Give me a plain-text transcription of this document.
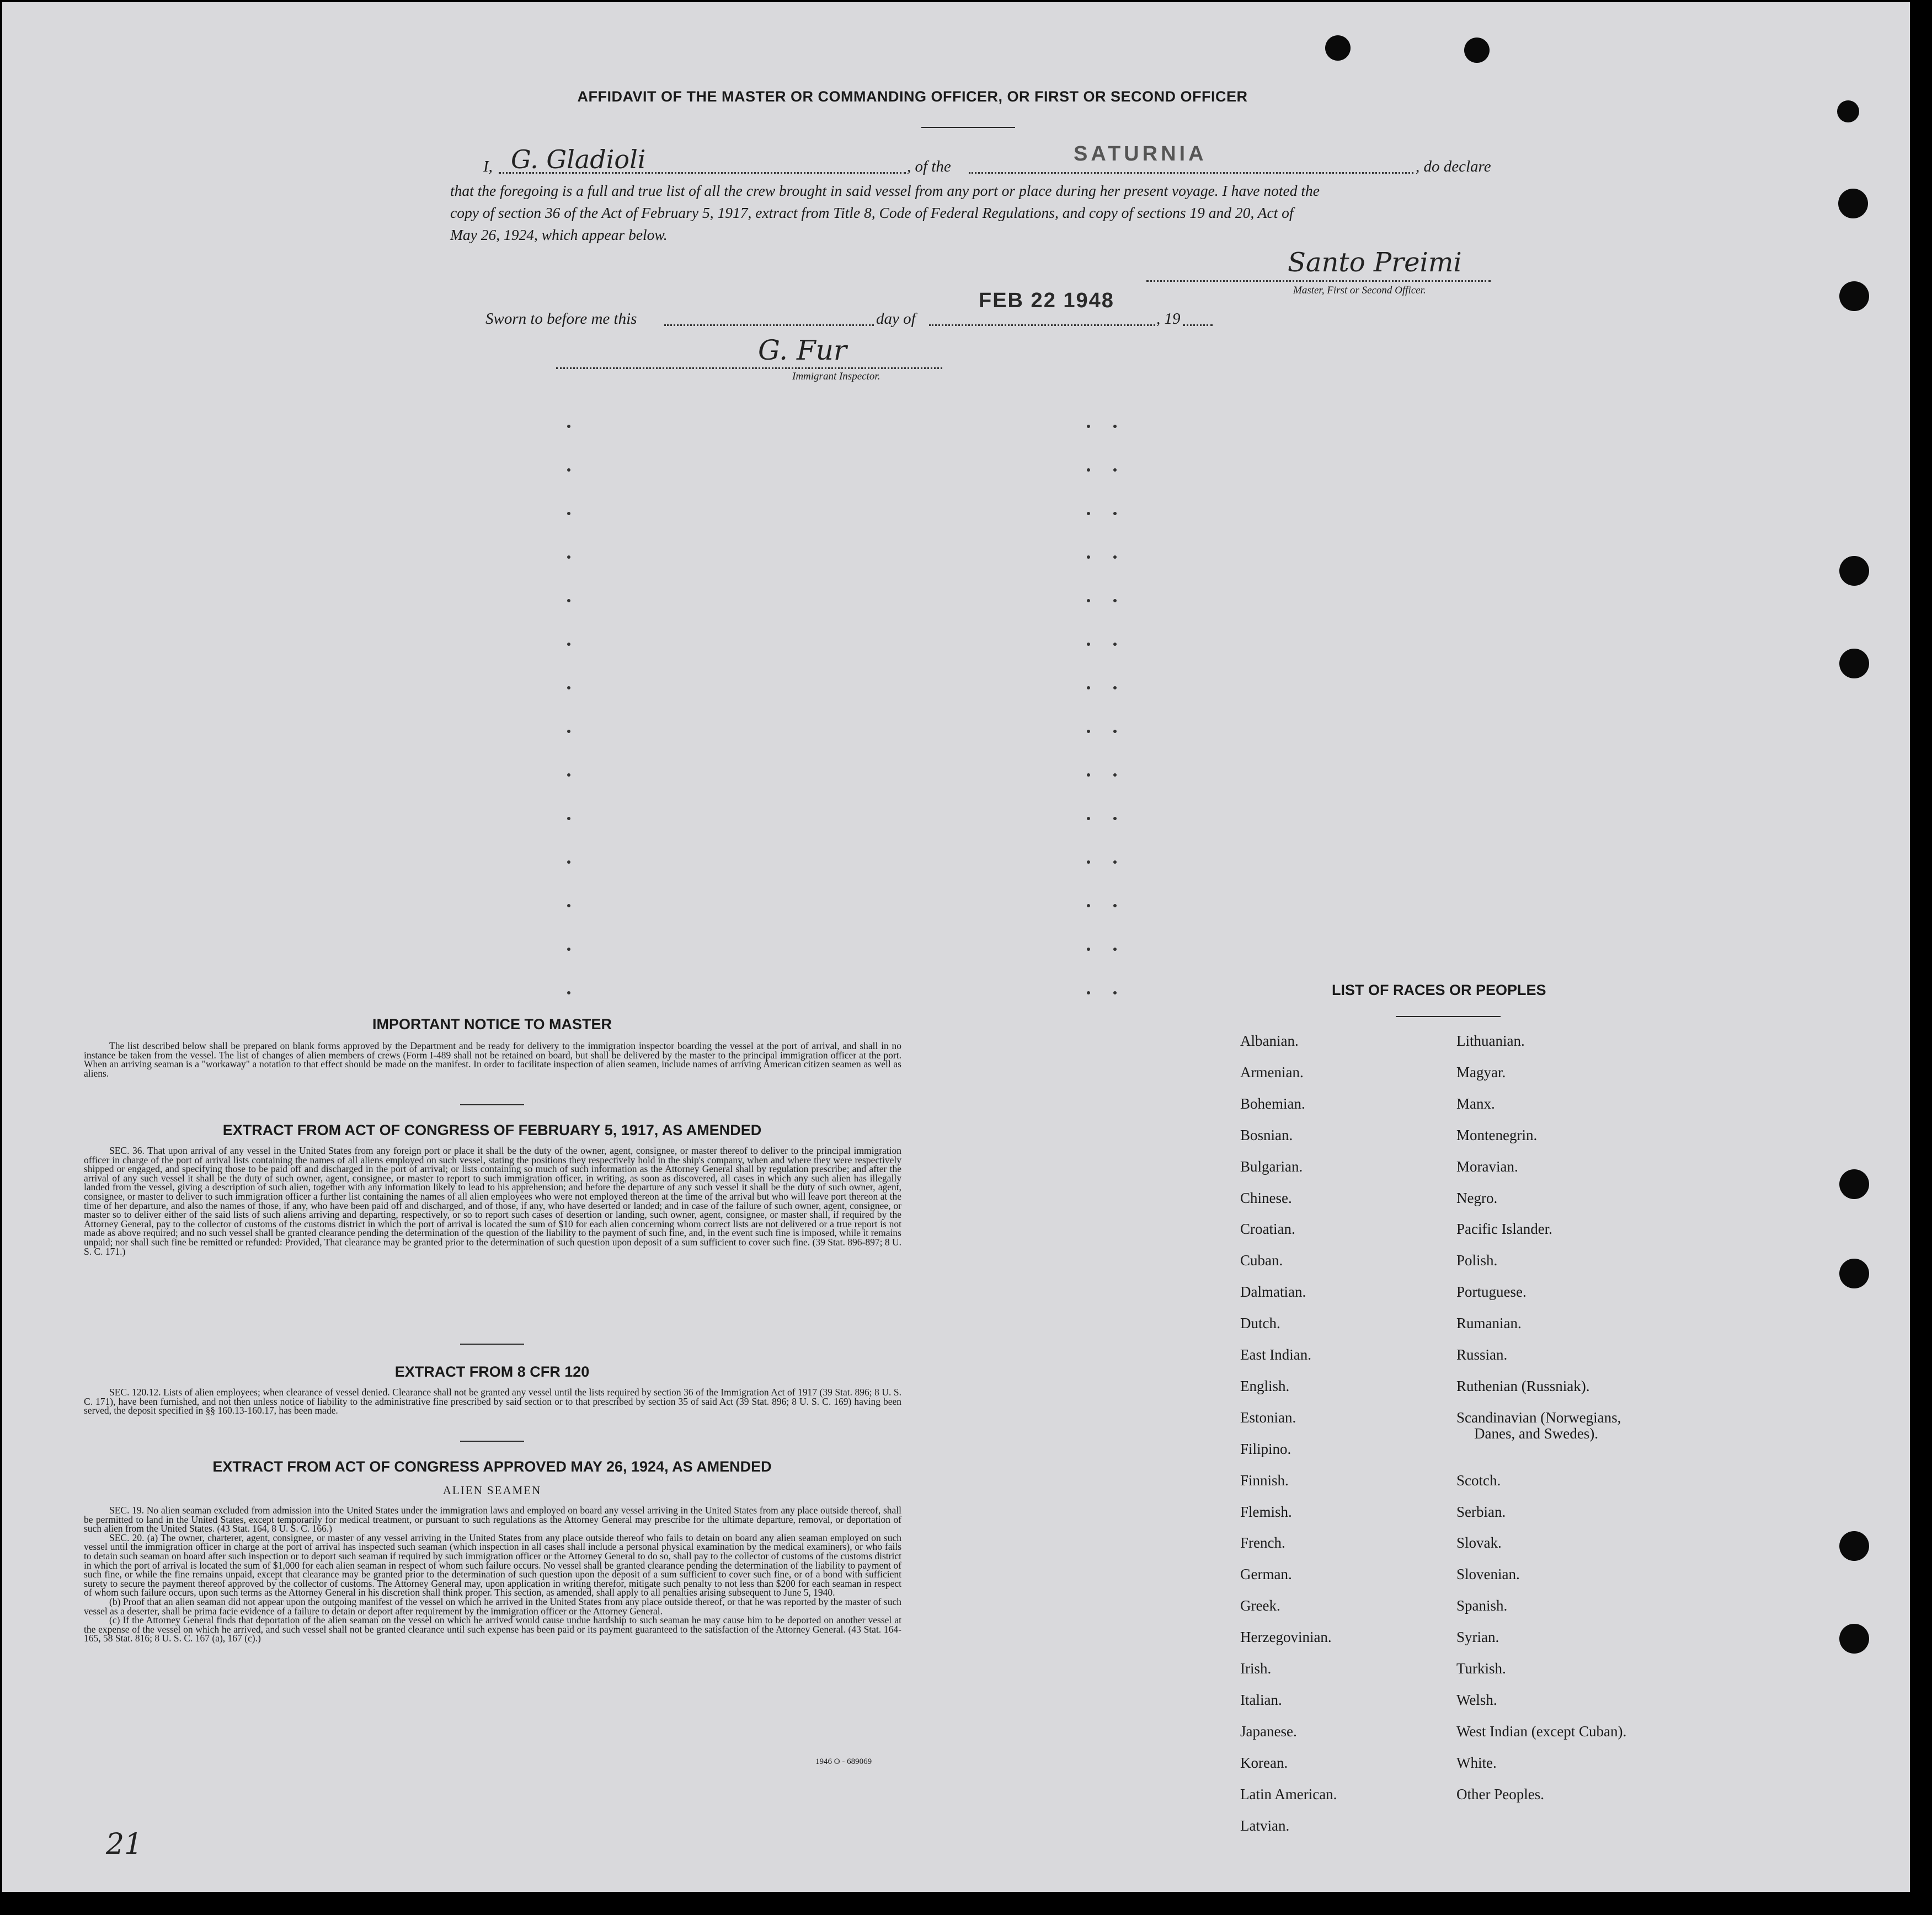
AFFIDAVIT OF THE MASTER OR COMMANDING OFFICER, OR FIRST OR SECOND OFFICER
I, G. Gladioli	, of the
SATURNIA
, do declare
that the foregoing is a full and true list of all the crew brought in said vessel from any port or place during her present voyage. I have noted the
copy of section 36 of the Act of February 5, 1917, extract from Title 8, Code of Federal Regulations, and copy of sections 19 and 20, Act of
May 26, 1924, which appear below.
Santo Preimi
Master, First or Second Officer.
Sworn to before me this	day of
FEB 22 1948
, 19
G. Fur
Immigrant Inspector.
IMPORTANT NOTICE TO MASTER

The list described below shall be prepared on blank forms approved by the Department and be ready for delivery to the immigration inspector boarding the vessel at the port of arrival, and shall in no instance be taken from the vessel. The list of changes of alien members of crews (Form I-489 shall not be retained on board, but shall be delivered by the master to the principal immigration officer at the port. When an arriving seaman is a "workaway" a notation to that effect should be made on the manifest. In order to facilitate inspection of alien seamen, include names of arriving American citizen seamen as well as aliens.

EXTRACT FROM ACT OF CONGRESS OF FEBRUARY 5, 1917, AS AMENDED

SEC. 36. That upon arrival of any vessel in the United States from any foreign port or place it shall be the duty of the owner, agent, consignee, or master thereof to deliver to the principal immigration officer in charge of the port of arrival lists containing the names of all aliens employed on such vessel, stating the positions they respectively hold in the ship's company, when and where they were respectively shipped or engaged, and specifying those to be paid off and discharged in the port of arrival; or lists containing so much of such information as the Attorney General shall by regulation prescribe; and after the arrival of any such vessel it shall be the duty of such owner, agent, consignee, or master to report to such immigration officer, in writing, as soon as discovered, all cases in which any such alien has illegally landed from the vessel, giving a description of such alien, together with any information likely to lead to his apprehension; and before the departure of any such vessel it shall be the duty of such owner, agent, consignee, or master to deliver to such immigration officer a further list containing the names of all alien employees who were not employed thereon at the time of the arrival but who will leave port thereon at the time of her departure, and also the names of those, if any, who have been paid off and discharged, and of those, if any, who have deserted or landed; and in case of the failure of such owner, agent, consignee, or master so to deliver either of the said lists of such aliens arriving and departing, respectively, or so to report such cases of desertion or landing, such owner, agent, consignee, or master shall, if required by the Attorney General, pay to the collector of customs of the customs district in which the port of arrival is located the sum of $10 for each alien concerning whom correct lists are not delivered or a true report is not made as above required; and no such vessel shall be granted clearance pending the determination of the question of the liability to the payment of such fine, and, in the event such fine is imposed, while it remains unpaid; nor shall such fine be remitted or refunded: Provided, That clearance may be granted prior to the determination of such question upon deposit of a sum sufficient to cover such fine. (39 Stat. 896-897; 8 U. S. C. 171.)

EXTRACT FROM 8 CFR 120

SEC. 120.12. Lists of alien employees; when clearance of vessel denied. Clearance shall not be granted any vessel until the lists required by section 36 of the Immigration Act of 1917 (39 Stat. 896; 8 U. S. C. 171), have been furnished, and not then unless notice of liability to the administrative fine prescribed by said section or to that prescribed by section 35 of said Act (39 Stat. 896; 8 U. S. C. 169) having been served, the deposit specified in §§ 160.13-160.17, has been made.

EXTRACT FROM ACT OF CONGRESS APPROVED MAY 26, 1924, AS AMENDED
ALIEN SEAMEN

SEC. 19. No alien seaman excluded from admission into the United States under the immigration laws and employed on board any vessel arriving in the United States from any place outside thereof, shall be permitted to land in the United States, except temporarily for medical treatment, or pursuant to such regulations as the Attorney General may prescribe for the ultimate departure, removal, or deportation of such alien from the United States. (43 Stat. 164, 8 U. S. C. 166.)

SEC. 20. (a) The owner, charterer, agent, consignee, or master of any vessel arriving in the United States from any place outside thereof who fails to detain on board any alien seaman employed on such vessel until the immigration officer in charge at the port of arrival has inspected such seaman (which inspection in all cases shall include a personal physical examination by the medical examiners), or who fails to detain such seaman on board after such inspection or to deport such seaman if required by such immigration officer or the Attorney General to do so, shall pay to the collector of customs of the customs district in which the port of arrival is located the sum of $1,000 for each alien seaman in respect of whom such failure occurs. No vessel shall be granted clearance pending the determination of the liability to payment of such fine, or while the fine remains unpaid, except that clearance may be granted prior to the determination of such question upon the deposit of a sum sufficient to cover such fine, or of a bond with sufficient surety to secure the payment thereof approved by the collector of customs. The Attorney General may, upon application in writing therefor, mitigate such penalty to not less than $200 for each seaman in respect of whom such failure occurs, upon such terms as the Attorney General in his discretion shall think proper. This section, as amended, shall apply to all penalties arising subsequent to June 5, 1940.

(b) Proof that an alien seaman did not appear upon the outgoing manifest of the vessel on which he arrived in the United States from any place outside thereof, or that he was reported by the master of such vessel as a deserter, shall be prima facie evidence of a failure to detain or deport after requirement by the immigration officer or the Attorney General.

(c) If the Attorney General finds that deportation of the alien seaman on the vessel on which he arrived would cause undue hardship to such seaman he may cause him to be deported on another vessel at the expense of the vessel on which he arrived, and such vessel shall not be granted clearance until such expense has been paid or its payment guaranteed to the satisfaction of the Attorney General. (43 Stat. 164-165, 58 Stat. 816; 8 U. S. C. 167 (a), 167 (c).)

1946 O - 689069
LIST OF RACES OR PEOPLES
Albanian.
Armenian.
Bohemian.
Bosnian.
Bulgarian.
Chinese.
Croatian.
Cuban.
Dalmatian.
Dutch.
East Indian.
English.
Estonian.
Filipino.
Finnish.
Flemish.
French.
German.
Greek.
Herzegovinian.
Irish.
Italian.
Japanese.
Korean.
Latin American.
Latvian.
Lithuanian.
Magyar.
Manx.
Montenegrin.
Moravian.
Negro.
Pacific Islander.
Polish.
Portuguese.
Rumanian.
Russian.
Ruthenian (Russniak).
Scandinavian (Norwegians,
Scotch.
Serbian.
Slovak.
Slovenian.
Spanish.
Syrian.
Turkish.
Welsh.
West Indian (except Cuban).
White.
Other Peoples.
Danes, and Swedes).
21
